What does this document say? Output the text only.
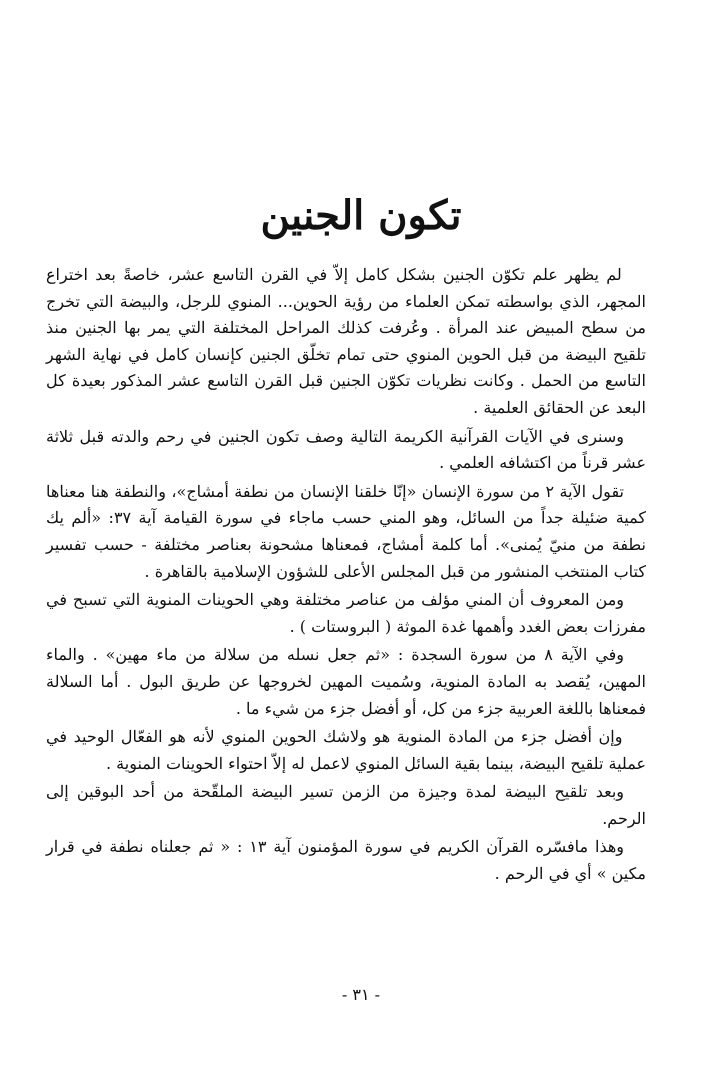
تكون الجنين

لم يظهر علم تكوّن الجنين بشكل كامل إلاّ في القرن التاسع عشر، خاصةً بعد اختراع المجهر، الذي بواسطته تمكن العلماء من رؤية الحوين... المنوي للرجل، والبيضة التي تخرج من سطح المبيض عند المرأة . وعُرفت كذلك المراحل المختلفة التي يمر بها الجنين منذ تلقيح البيضة من قبل الحوين المنوي حتى تمام تخلّق الجنين كإنسان كامل في نهاية الشهر التاسع من الحمل . وكانت نظريات تكوّن الجنين قبل القرن التاسع عشر المذكور بعيدة كل البعد عن الحقائق العلمية .

وسنرى في الآيات القرآنية الكريمة التالية وصف تكون الجنين في رحم والدته قبل ثلاثة عشر قرناً من اكتشافه العلمي .

تقول الآية ٢ من سورة الإنسان «إنّا خلقنا الإنسان من نطفة أمشاج»، والنطفة هنا معناها كمية ضئيلة جداً من السائل، وهو المني حسب ماجاء في سورة القيامة آية ٣٧: «ألم يك نطفة من منيّ يُمنى». أما كلمة أمشاج، فمعناها مشحونة بعناصر مختلفة - حسب تفسير كتاب المنتخب المنشور من قبل المجلس الأعلى للشؤون الإسلامية بالقاهرة .

ومن المعروف أن المني مؤلف من عناصر مختلفة وهي الحوينات المنوية التي تسبح في مفرزات بعض الغدد وأهمها غدة الموثة ( البروستات ) .

وفي الآية ٨ من سورة السجدة : «ثم جعل نسله من سلالة من ماء مهين» . والماء المهين، يُقصد به المادة المنوية، وسُميت المهين لخروجها عن طريق البول . أما السلالة فمعناها باللغة العربية جزء من كل، أو أفضل جزء من شيء ما .

وإن أفضل جزء من المادة المنوية هو ولاشك الحوين المنوي لأنه هو الفعّال الوحيد في عملية تلقيح البيضة، بينما بقية السائل المنوي لاعمل له إلاّ احتواء الحوينات المنوية .

وبعد تلقيح البيضة لمدة وجيزة من الزمن تسير البيضة الملقّحة من أحد البوقين إلى الرحم.

وهذا مافسّره القرآن الكريم في سورة المؤمنون آية ١٣ : « ثم جعلناه نطفة في قرار مكين » أي في الرحم .

- ٣١ -
